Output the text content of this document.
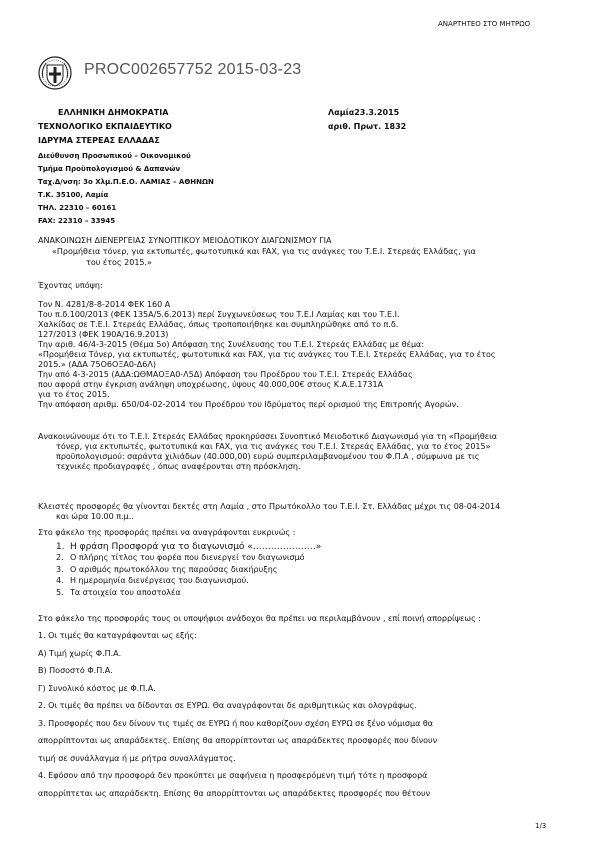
ΑΝΑΡΤΗΤΕΟ ΣΤΟ ΜΗΤΡΩΟ
PROC002657752 2015-03-23
ΕΛΛΗΝΙΚΗ ΔΗΜΟΚΡΑΤΙΑ
ΤΕΧΝΟΛΟΓΙΚΟ ΕΚΠΑΙΔΕΥΤΙΚΟ
ΙΔΡΥΜΑ ΣΤΕΡΕΑΣ ΕΛΛΑΔΑΣ
Διεύθυνση Προσωπικού – Οικονομικού
Τμήμα Προϋπολογισμού & Δαπανών
Ταχ.Δ/νση: 3ο Χλμ.Π.Ε.Ο. ΛΑΜΙΑΣ – ΑΘΗΝΩΝ
Τ.Κ. 35100, Λαμία
ΤΗΛ. 22310 – 60161
FAX: 22310 – 33945
Λαμία23.3.2015
αριθ. Πρωτ. 1832
ΑΝΑΚΟΙΝΩΣΗ ΔΙΕΝΕΡΓΕΙΑΣ ΣΥΝΟΠΤΙΚΟΥ ΜΕΙΟΔΟΤΙΚΟΥ ΔΙΑΓΩΝΙΣΜΟΥ ΓΙΑ
«Προμήθεια τόνερ, για εκτυπωτές, φωτοτυπικά και FAX, για τις ανάγκες του Τ.Ε.Ι. Στερεάς Ελλάδας, για
του έτος 2015.»
Έχοντας υπόψη:
Τον Ν. 4281/8-8-2014 ΦΕΚ 160 Α
Του π.δ.100/2013 (ΦΕΚ 135Α/5.6.2013) περί Συγχωνεύσεως του Τ.Ε.Ι Λαμίας και του Τ.Ε.Ι.
Χαλκίδας σε Τ.Ε.Ι. Στερεάς Ελλάδας, όπως τροποποιήθηκε και συμπληρώθηκε από το π.δ.
127/2013 (ΦΕΚ 190Α/16.9.2013)
Την αριθ. 46/4-3-2015 (Θέμα 5ο) Απόφαση της Συνέλευσης του Τ.Ε.Ι. Στερεάς Ελλάδας με θέμα:
«Προμήθεια Τόνερ, για εκτυπωτές, φωτοτυπικά και FAX, για τις ανάγκες του Τ.Ε.Ι. Στερεάς Ελλάδας, για το έτος
2015.» (ΑΔΑ 75Ο6ΟΞΑ0-Δ6Λ)
Την από 4-3-2015 (ΑΔΑ:ΩΘΜΑΟΞΑ0-Λ5Δ) Απόφαση του Προέδρου του Τ.Ε.Ι. Στερεάς Ελλάδας
που αφορά στην έγκριση ανάληψη υποχρέωσης, ύψους 40.000,00€ στους Κ.Α.Ε.1731Α
για το έτος 2015.
Την απόφαση αριθμ. 650/04-02-2014 του Προέδρου του Ιδρύματος περί ορισμού της Επιτροπής Αγορών.
Ανακοινώνουμε ότι το Τ.Ε.Ι. Στερεάς Ελλάδας προκηρύσσει Συνοπτικό Μειοδοτικό Διαγωνισμό για τη «Προμήθεια
τόνερ, για εκτυπωτές, φωτοτυπικά και FAX, για τις ανάγκες του Τ.Ε.Ι. Στερεάς Ελλάδας, για το έτος 2015»
προϋπολογισμού: σαράντα χιλιάδων (40.000,00) ευρώ συμπεριλαμβανομένου του Φ.Π.Α , σύμφωνα με τις
τεχνικές προδιαγραφές , όπως αναφέρονται στη πρόσκληση.
Κλειστές προσφορές θα γίνονται δεκτές στη Λαμία , στο Πρωτόκολλο του Τ.Ε.Ι. Στ. Ελλάδας μέχρι τις 08-04-2014
και ώρα 10.00 π.μ..
Στο φάκελο της προσφοράς πρέπει να αναγράφονται ευκρινώς :
1. Η φράση Προσφορά για το διαγωνισμό «…………………»
2. Ο πλήρης τίτλος του φορέα που διενεργεί τον διαγωνισμό
3. Ο αριθμός πρωτοκόλλου της παρούσας διακήρυξης
4. Η ημερομηνία διενέργειας του διαγωνισμού.
5. Τα στοιχεία του αποστολέα
Στο φάκελο της προσφοράς τους οι υποψήφιοι ανάδοχοι θα πρέπει να περιλαμβάνουν , επί ποινή απορρίψεως :
1. Οι τιμές θα καταγράφονται ως εξής:
Α) Τιμή χωρίς Φ.Π.Α.
Β) Ποσοστό Φ.Π.Α.
Γ) Συνολικό κόστος με Φ.Π.Α.
2. Οι τιμές θα πρέπει να δίδονται σε ΕΥΡΩ. Θα αναγράφονται δε αριθμητικώς και ολογράφως.
3. Προσφορές που δεν δίνουν τις τιμές σε ΕΥΡΩ ή που καθορίζουν σχέση ΕΥΡΩ σε ξένο νόμισμα θα
απορρίπτονται ως απαράδεκτες. Επίσης θα απορρίπτονται ως απαράδεκτες προσφορές που δίνουν
τιμή σε συνάλλαγμα ή με ρήτρα συναλλάγματος.
4. Εφόσον από την προσφορά δεν προκύπτει με σαφήνεια η προσφερόμενη τιμή τότε η προσφορά
απορρίπτεται ως απαράδεκτη. Επίσης θα απορρίπτονται ως απαράδεκτες προσφορές που θέτουν
1/3
